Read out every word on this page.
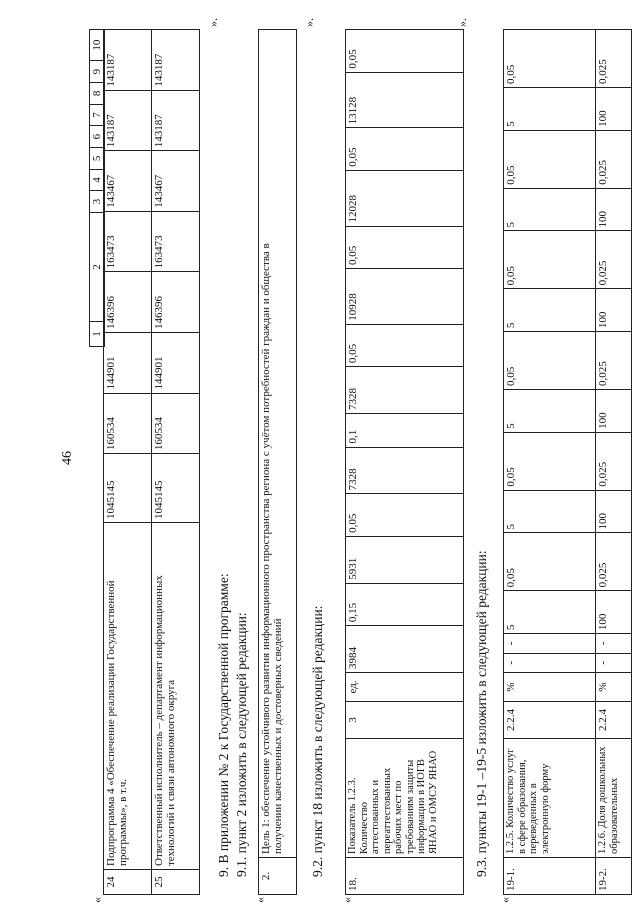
46
1	2	3	4	5	6	7	8	9	10
24	Подпрограмма 4 «Обеспечение реализации Государственной программы», в т.ч.	1045145	160534	144901	146396	163473	143467	143187	143187
25	Ответственный исполнитель – департамент информационных технологий и связи автономного округа	1045145	160534	144901	146396	163473	143467	143187	143187
».
«
9. В приложении № 2 к Государственной программе: 9.1. пункт 2 изложить в следующей редакции:
«
2.	
Цель 1: обеспечение устойчивого развития информационного пространства региона с учётом потребностей граждан и общества в получении качественных и достоверных сведений
».
9.2. пункт 18 изложить в следующей редакции:
«
18.	Показатель 1.2.3. Количество аттестованных и переаттестованных рабочих мест по требованиям защиты информации в ИОГВ ЯНАО и ОМСУ ЯНАО	3	ед.	3984	0,15	5931	0,05	7328	0,1	7328	0,05	10928	0,05	12028	0,05	13128	0,05
».
9.3. пункты 19-1 –19-5 изложить в следующей редакции:
«
19-1.	1.2.5. Количество услуг в сфере образования, переведенных в электронную форму	2.2.4	%	-	-	5	0,05	5	0,05	5	0,05	5	0,05	5	0,05	5	0,05
19-2.	1.2.6. Доля дошкольных образовательных	2.2.4	%	-	-	100	0,025	100	0,025	100	0,025	100	0,025	100	0,025	100	0,025
